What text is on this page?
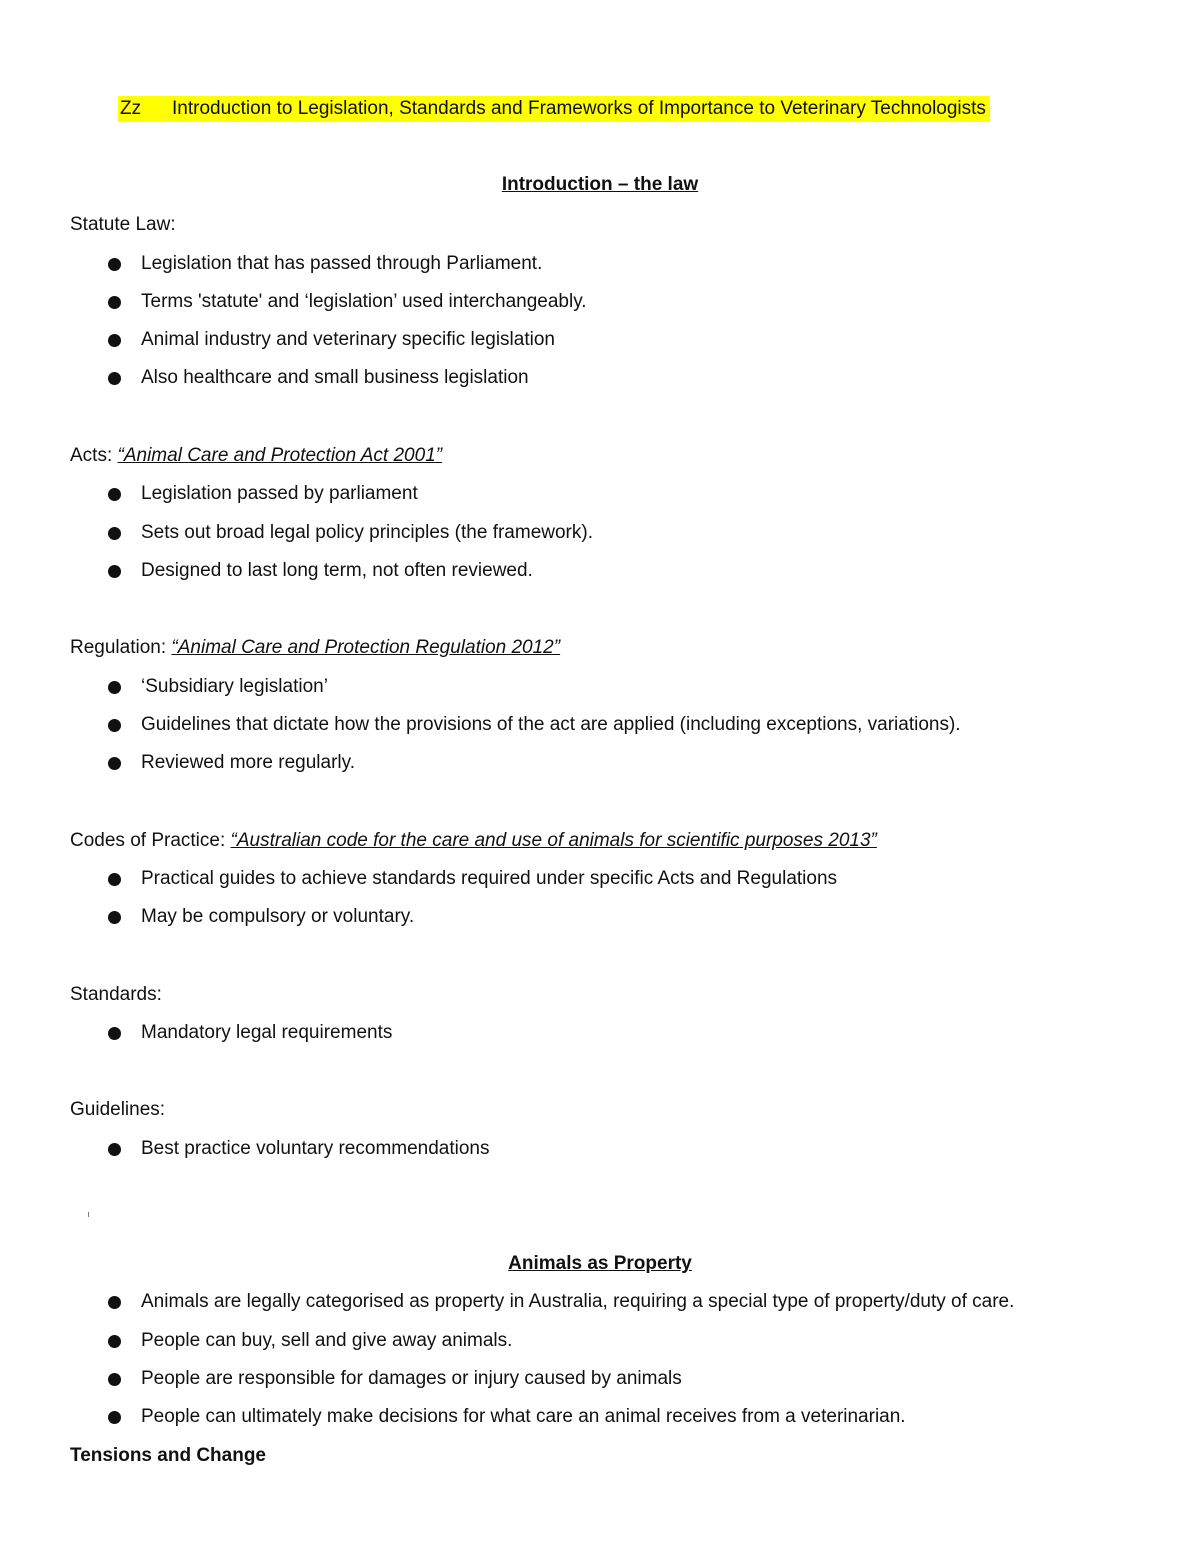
Zz	Introduction to Legislation, Standards and Frameworks of Importance to Veterinary Technologists
Introduction – the law
Statute Law:
Legislation that has passed through Parliament.
Terms 'statute' and ‘legislation’ used interchangeably.
Animal industry and veterinary specific legislation
Also healthcare and small business legislation
Acts: “Animal Care and Protection Act 2001”
Legislation passed by parliament
Sets out broad legal policy principles (the framework).
Designed to last long term, not often reviewed.
Regulation: “Animal Care and Protection Regulation 2012”
‘Subsidiary legislation’
Guidelines that dictate how the provisions of the act are applied (including exceptions, variations).
Reviewed more regularly.
Codes of Practice: “Australian code for the care and use of animals for scientific purposes 2013”
Practical guides to achieve standards required under specific Acts and Regulations
May be compulsory or voluntary.
Standards:
Mandatory legal requirements
Guidelines:
Best practice voluntary recommendations
Animals as Property
Animals are legally categorised as property in Australia, requiring a special type of property/duty of care.
People can buy, sell and give away animals.
People are responsible for damages or injury caused by animals
People can ultimately make decisions for what care an animal receives from a veterinarian.
Tensions and Change
